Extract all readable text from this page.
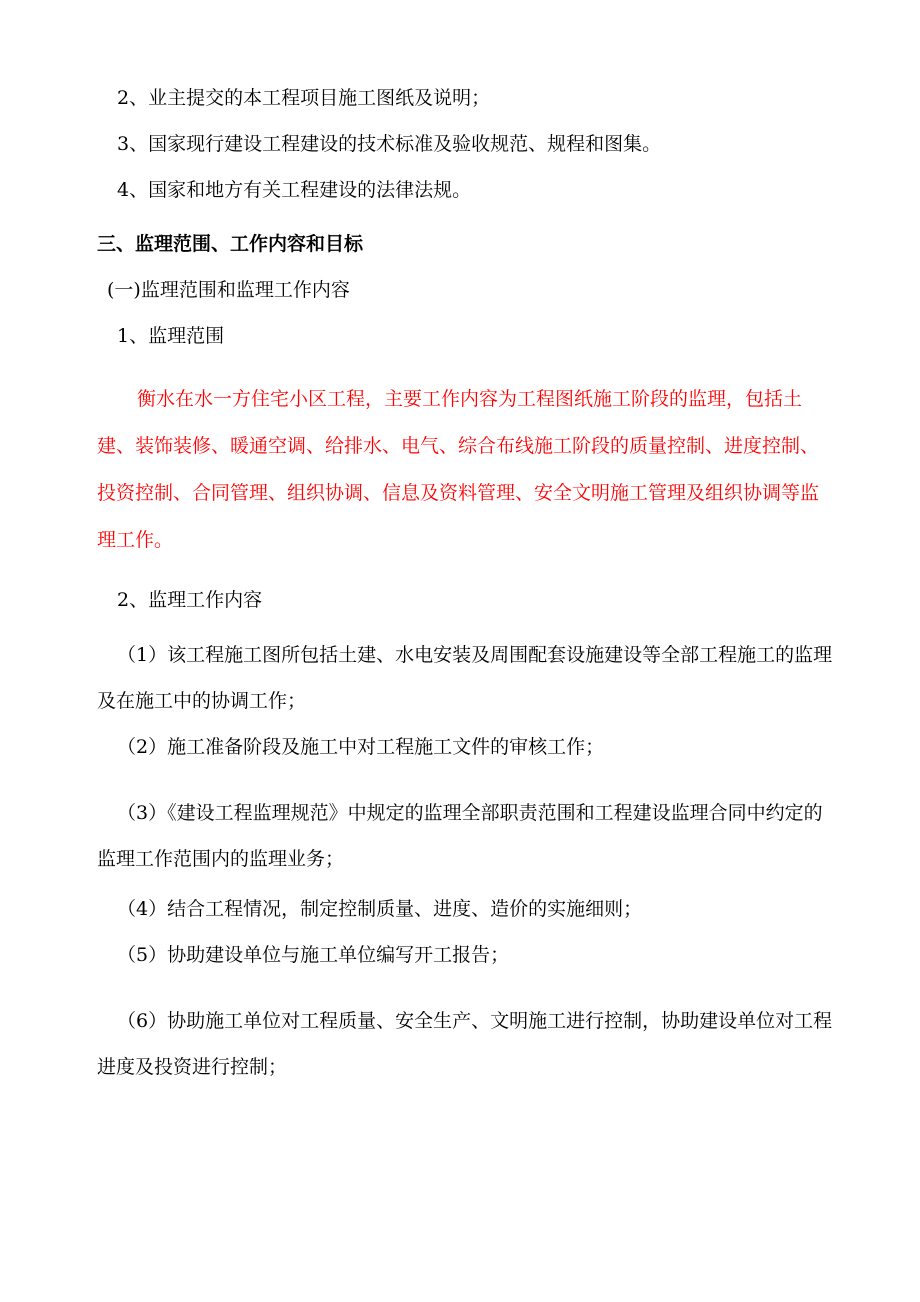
2、业主提交的本工程项目施工图纸及说明；

3、国家现行建设工程建设的技术标准及验收规范、规程和图集。

4、国家和地方有关工程建设的法律法规。

三、监理范围、工作内容和目标

(一)监理范围和监理工作内容

1、监理范围

衡水在水一方住宅小区工程，主要工作内容为工程图纸施工阶段的监理，包括土建、装饰装修、暖通空调、给排水、电气、综合布线施工阶段的质量控制、进度控制、投资控制、合同管理、组织协调、信息及资料管理、安全文明施工管理及组织协调等监理工作。

2、监理工作内容

（1）该工程施工图所包括土建、水电安装及周围配套设施建设等全部工程施工的监理及在施工中的协调工作；

（2）施工准备阶段及施工中对工程施工文件的审核工作；

（3）《建设工程监理规范》中规定的监理全部职责范围和工程建设监理合同中约定的监理工作范围内的监理业务；

（4）结合工程情况，制定控制质量、进度、造价的实施细则；

（5）协助建设单位与施工单位编写开工报告；

（6）协助施工单位对工程质量、安全生产、文明施工进行控制，协助建设单位对工程进度及投资进行控制；
